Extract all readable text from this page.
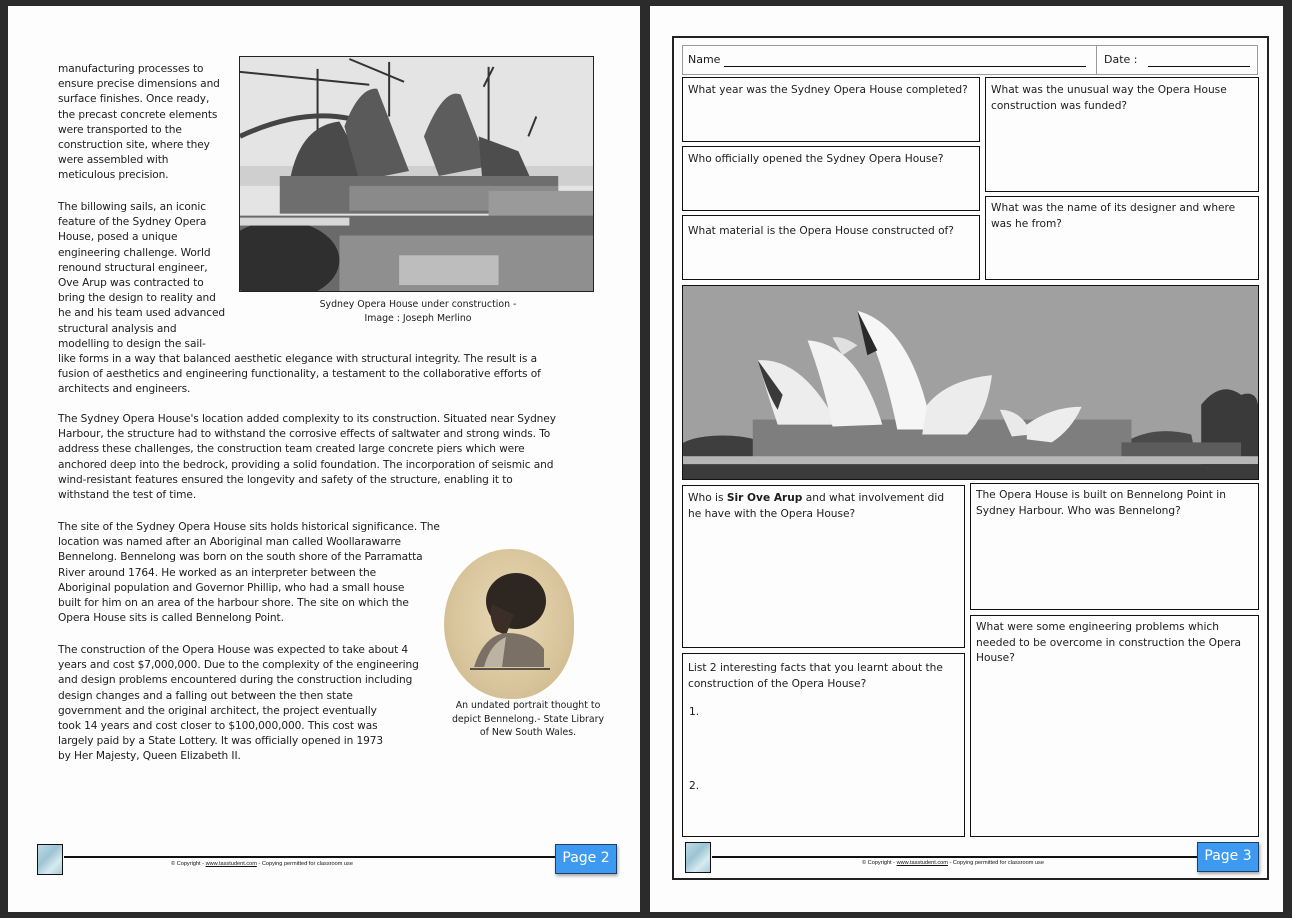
manufacturing processes to
ensure precise dimensions and
surface finishes. Once ready,
the precast concrete elements
were transported to the
construction site, where they
were assembled with
meticulous precision.
The billowing sails, an iconic
feature of the Sydney Opera
House, posed a unique
engineering challenge. World
renound structural engineer,
Ove Arup was contracted to
bring the design to reality and
he and his team used advanced
structural analysis and
modelling to design the sail-
like forms in a way that balanced aesthetic elegance with structural integrity. The result is a
fusion of aesthetics and engineering functionality, a testament to the collaborative efforts of
architects and engineers.
Sydney Opera House under construction -
Image : Joseph Merlino
The Sydney Opera House's location added complexity to its construction. Situated near Sydney
Harbour, the structure had to withstand the corrosive effects of saltwater and strong winds. To
address these challenges, the construction team created large concrete piers which were
anchored deep into the bedrock, providing a solid foundation. The incorporation of seismic and
wind-resistant features ensured the longevity and safety of the structure, enabling it to
withstand the test of time.
The site of the Sydney Opera House sits holds historical significance. The
location was named after an Aboriginal man called Woollarawarre
Bennelong. Bennelong was born on the south shore of the Parramatta
River around 1764. He worked as an interpreter between the
Aboriginal population and Governor Phillip, who had a small house
built for him on an area of the harbour shore. The site on which the
Opera House sits is called Bennelong Point.
An undated portrait thought to
depict Bennelong.- State Library
of New South Wales.
The construction of the Opera House was expected to take about 4
years and cost $7,000,000. Due to the complexity of the engineering
and design problems encountered during the construction including
design changes and a falling out between the then state
government and the original architect, the project eventually
took 14 years and cost closer to $100,000,000. This cost was
largely paid by a State Lottery. It was officially opened in 1973
by Her Majesty, Queen Elizabeth II.
© Copyright - www.tasstudent.com - Copying permitted for classroom use	Page 2
Name	Date :
What year was the Sydney Opera House completed?	What was the unusual way the Opera House construction was funded?
Who officially opened the Sydney Opera House?
What material is the Opera House constructed of?
What was the name of its designer and where was he from?
Who is Sir Ove Arup and what involvement did he have with the Opera House?
The Opera House is built on Bennelong Point in Sydney Harbour. Who was Bennelong?
What were some engineering problems which needed to be overcome in construction the Opera House?
List 2 interesting facts that you learnt about the construction of the Opera House?
1.
2.
© Copyright - www.tasstudent.com - Copying permitted for classroom use	Page 3
